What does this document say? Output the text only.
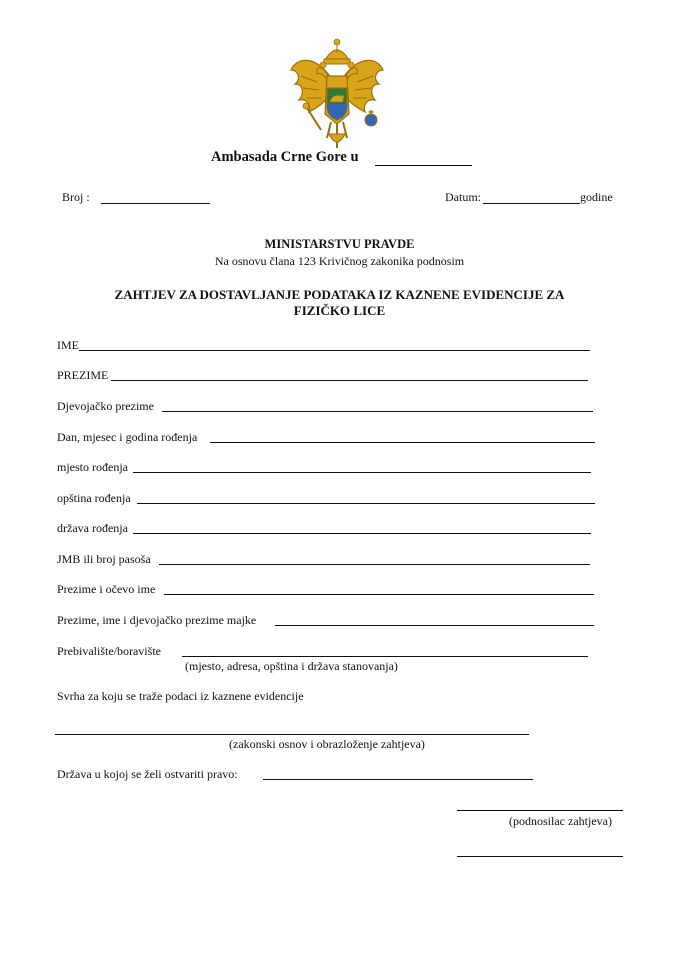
Ambasada Crne Gore u
Broj :	Datum:	godine
MINISTARSTVU PRAVDE
Na osnovu člana 123 Krivičnog zakonika podnosim
ZAHTJEV ZA DOSTAVLJANJE PODATAKA IZ KAZNENE EVIDENCIJE ZA
FIZIČKO LICE
IME
PREZIME
Djevojačko prezime
Dan, mjesec i godina rođenja
mjesto rođenja
opština rođenja
država rođenja
JMB ili broj pasoša
Prezime i očevo ime
Prezime, ime i djevojačko prezime majke
Prebivalište/boravište
(mjesto, adresa, opština i država stanovanja)
Svrha za koju se traže podaci iz kaznene evidencije
(zakonski osnov i obrazloženje zahtjeva)
Država u kojoj se želi ostvariti pravo:
(podnosilac zahtjeva)
